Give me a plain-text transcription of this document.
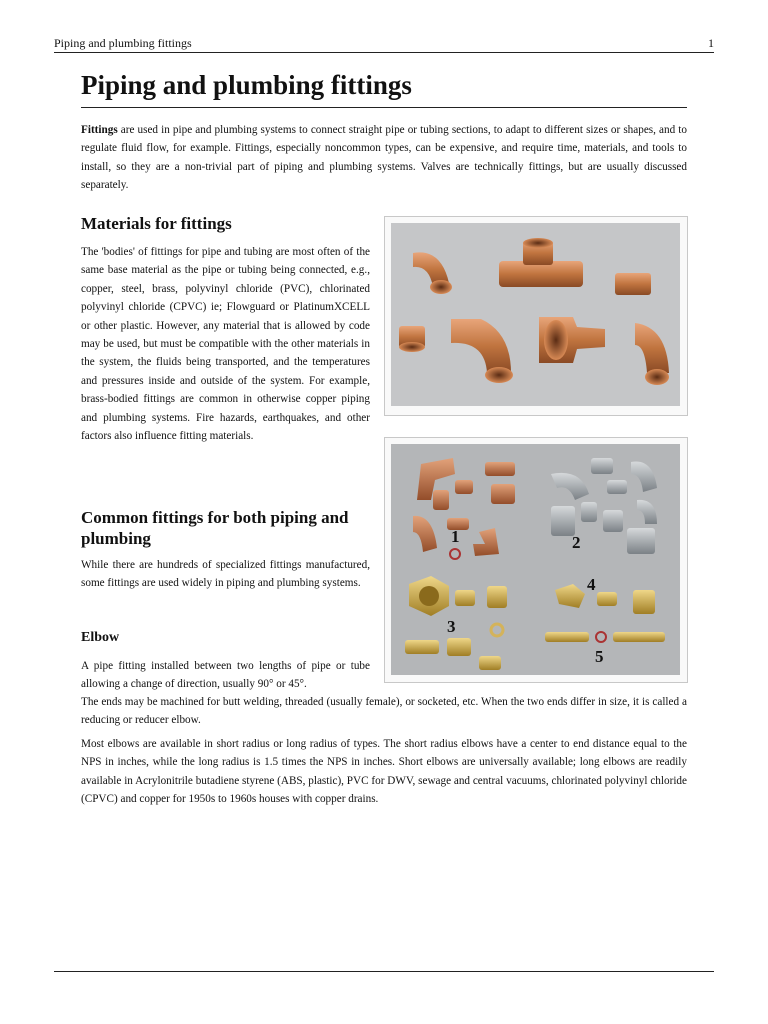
Piping and plumbing fittings	1
Piping and plumbing fittings

Fittings are used in pipe and plumbing systems to connect straight pipe or tubing sections, to adapt to different sizes or shapes, and to regulate fluid flow, for example. Fittings, especially noncommon types, can be expensive, and require time, materials, and tools to install, so they are a non-trivial part of piping and plumbing systems. Valves are technically fittings, but are usually discussed separately.

Materials for fittings

The 'bodies' of fittings for pipe and tubing are most often of the same base material as the pipe or tubing being connected, e.g., copper, steel, brass, polyvinyl chloride (PVC), chlorinated polyvinyl chloride (CPVC) ie; Flowguard or PlatinumXCELL or other plastic. However, any material that is allowed by code may be used, but must be compatible with the other materials in the system, the fluids being transported, and the temperatures and pressures inside and outside of the system. For example, brass-bodied fittings are common in otherwise copper piping and plumbing systems. Fire hazards, earthquakes, and other factors also influence fitting materials.

Common fittings for both piping and plumbing

While there are hundreds of specialized fittings manufactured, some fittings are used widely in piping and plumbing systems.

Elbow

A pipe fitting installed between two lengths of pipe or tube allowing a change of direction, usually 90° or 45°.

The ends may be machined for butt welding, threaded (usually female), or socketed, etc. When the two ends differ in size, it is called a reducing or reducer elbow.

Most elbows are available in short radius or long radius of types. The short radius elbows have a center to end distance equal to the NPS in inches, while the long radius is 1.5 times the NPS in inches. Short elbows are universally available; long elbows are readily available in Acrylonitrile butadiene styrene (ABS, plastic), PVC for DWV, sewage and central vacuums, chlorinated polyvinyl chloride (CPVC) and copper for 1950s to 1960s houses with copper drains.

1	2
3
4
5
